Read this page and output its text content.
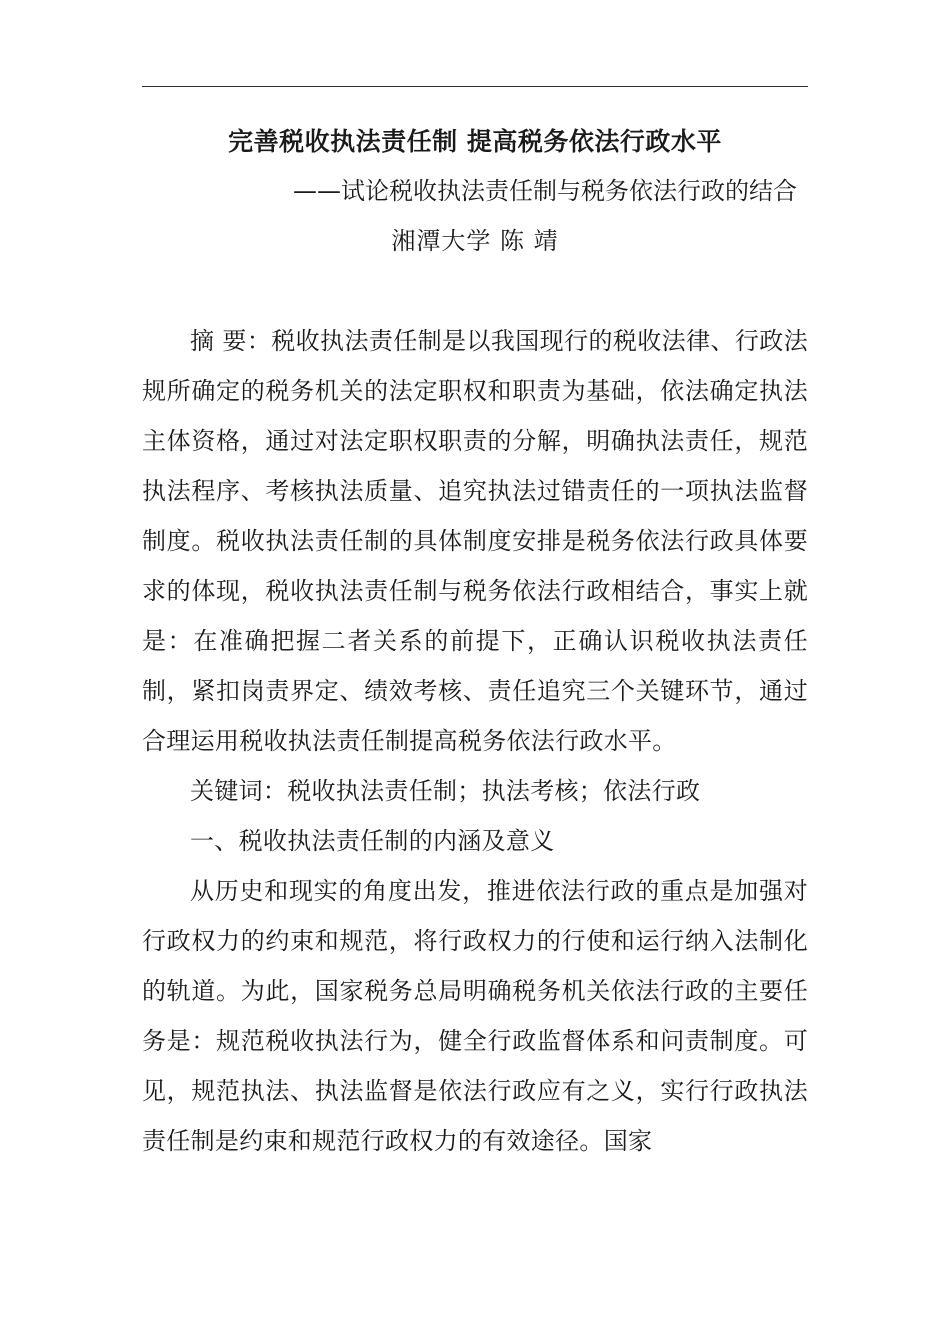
完善税收执法责任制 提高税务依法行政水平
——试论税收执法责任制与税务依法行政的结合
湘潭大学 陈 靖

摘 要：税收执法责任制是以我国现行的税收法律、行政法规所确定的税务机关的法定职权和职责为基础，依法确定执法主体资格，通过对法定职权职责的分解，明确执法责任，规范执法程序、考核执法质量、追究执法过错责任的一项执法监督制度。税收执法责任制的具体制度安排是税务依法行政具体要求的体现，税收执法责任制与税务依法行政相结合，事实上就是：在准确把握二者关系的前提下，正确认识税收执法责任制，紧扣岗责界定、绩效考核、责任追究三个关键环节，通过合理运用税收执法责任制提高税务依法行政水平。

关键词：税收执法责任制；执法考核；依法行政

一、税收执法责任制的内涵及意义

从历史和现实的角度出发，推进依法行政的重点是加强对行政权力的约束和规范，将行政权力的行使和运行纳入法制化的轨道。为此，国家税务总局明确税务机关依法行政的主要任务是：规范税收执法行为，健全行政监督体系和问责制度。可见，规范执法、执法监督是依法行政应有之义，实行行政执法责任制是约束和规范行政权力的有效途径。国家
